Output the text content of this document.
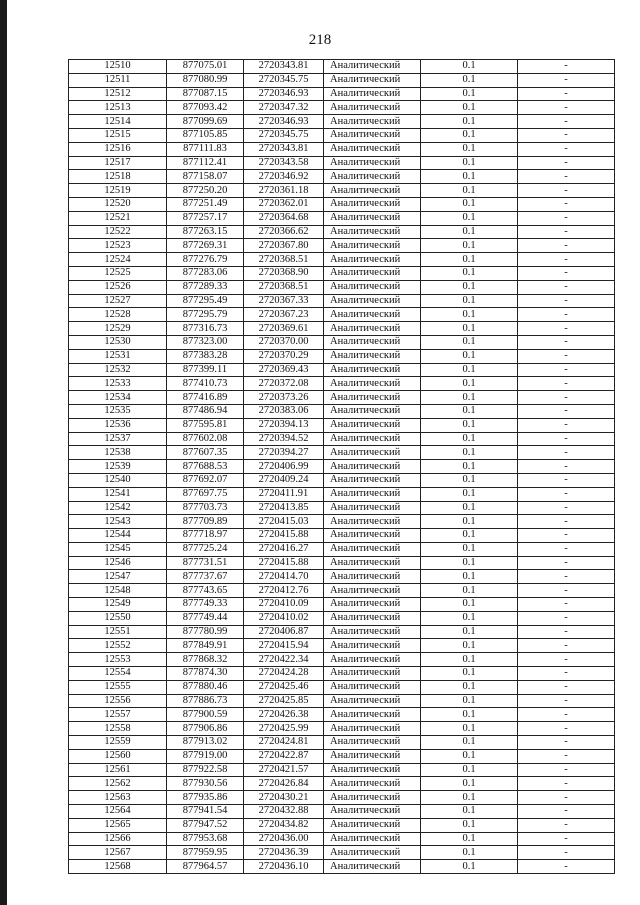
218
12510	877075.01	2720343.81	Аналитический	0.1	-
12511	877080.99	2720345.75	Аналитический	0.1	-
12512	877087.15	2720346.93	Аналитический	0.1	-
12513	877093.42	2720347.32	Аналитический	0.1	-
12514	877099.69	2720346.93	Аналитический	0.1	-
12515	877105.85	2720345.75	Аналитический	0.1	-
12516	877111.83	2720343.81	Аналитический	0.1	-
12517	877112.41	2720343.58	Аналитический	0.1	-
12518	877158.07	2720346.92	Аналитический	0.1	-
12519	877250.20	2720361.18	Аналитический	0.1	-
12520	877251.49	2720362.01	Аналитический	0.1	-
12521	877257.17	2720364.68	Аналитический	0.1	-
12522	877263.15	2720366.62	Аналитический	0.1	-
12523	877269.31	2720367.80	Аналитический	0.1	-
12524	877276.79	2720368.51	Аналитический	0.1	-
12525	877283.06	2720368.90	Аналитический	0.1	-
12526	877289.33	2720368.51	Аналитический	0.1	-
12527	877295.49	2720367.33	Аналитический	0.1	-
12528	877295.79	2720367.23	Аналитический	0.1	-
12529	877316.73	2720369.61	Аналитический	0.1	-
12530	877323.00	2720370.00	Аналитический	0.1	-
12531	877383.28	2720370.29	Аналитический	0.1	-
12532	877399.11	2720369.43	Аналитический	0.1	-
12533	877410.73	2720372.08	Аналитический	0.1	-
12534	877416.89	2720373.26	Аналитический	0.1	-
12535	877486.94	2720383.06	Аналитический	0.1	-
12536	877595.81	2720394.13	Аналитический	0.1	-
12537	877602.08	2720394.52	Аналитический	0.1	-
12538	877607.35	2720394.27	Аналитический	0.1	-
12539	877688.53	2720406.99	Аналитический	0.1	-
12540	877692.07	2720409.24	Аналитический	0.1	-
12541	877697.75	2720411.91	Аналитический	0.1	-
12542	877703.73	2720413.85	Аналитический	0.1	-
12543	877709.89	2720415.03	Аналитический	0.1	-
12544	877718.97	2720415.88	Аналитический	0.1	-
12545	877725.24	2720416.27	Аналитический	0.1	-
12546	877731.51	2720415.88	Аналитический	0.1	-
12547	877737.67	2720414.70	Аналитический	0.1	-
12548	877743.65	2720412.76	Аналитический	0.1	-
12549	877749.33	2720410.09	Аналитический	0.1	-
12550	877749.44	2720410.02	Аналитический	0.1	-
12551	877780.99	2720406.87	Аналитический	0.1	-
12552	877849.91	2720415.94	Аналитический	0.1	-
12553	877868.32	2720422.34	Аналитический	0.1	-
12554	877874.30	2720424.28	Аналитический	0.1	-
12555	877880.46	2720425.46	Аналитический	0.1	-
12556	877886.73	2720425.85	Аналитический	0.1	-
12557	877900.59	2720426.38	Аналитический	0.1	-
12558	877906.86	2720425.99	Аналитический	0.1	-
12559	877913.02	2720424.81	Аналитический	0.1	-
12560	877919.00	2720422.87	Аналитический	0.1	-
12561	877922.58	2720421.57	Аналитический	0.1	-
12562	877930.56	2720426.84	Аналитический	0.1	-
12563	877935.86	2720430.21	Аналитический	0.1	-
12564	877941.54	2720432.88	Аналитический	0.1	-
12565	877947.52	2720434.82	Аналитический	0.1	-
12566	877953.68	2720436.00	Аналитический	0.1	-
12567	877959.95	2720436.39	Аналитический	0.1	-
12568	877964.57	2720436.10	Аналитический	0.1	-
